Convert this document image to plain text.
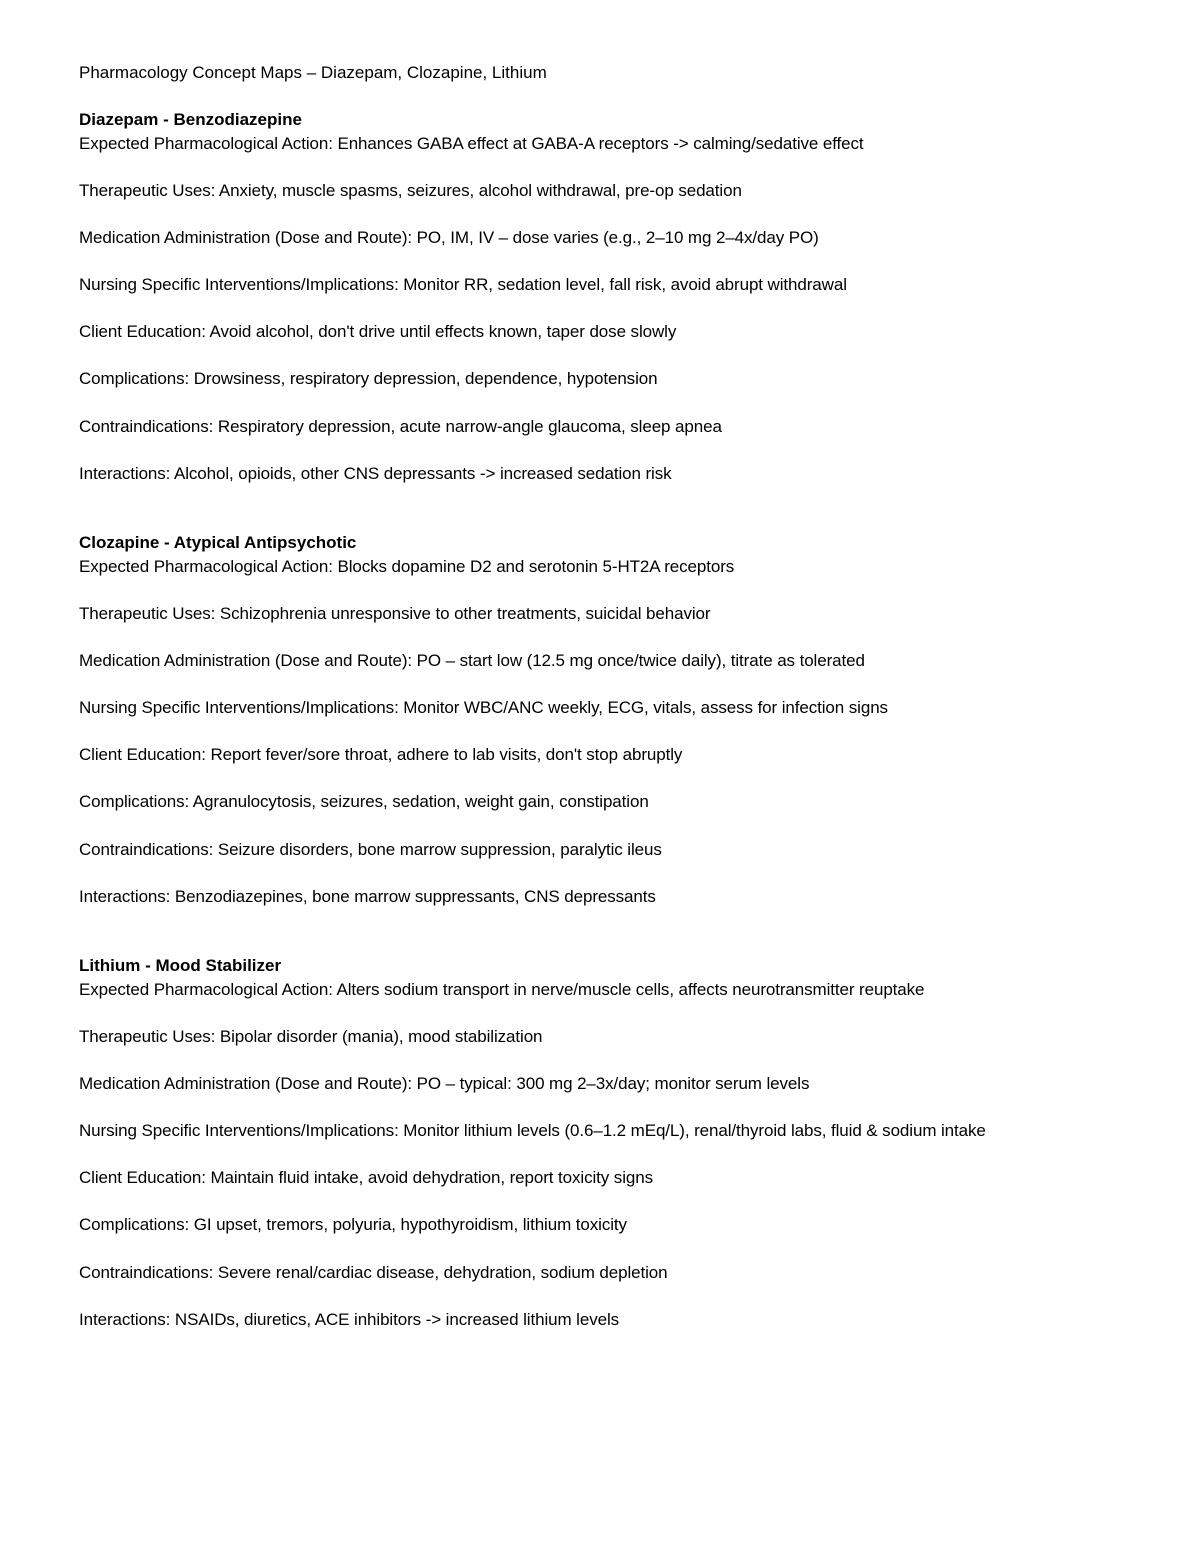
Pharmacology Concept Maps – Diazepam, Clozapine, Lithium
Diazepam - Benzodiazepine
Expected Pharmacological Action: Enhances GABA effect at GABA-A receptors -> calming/sedative effect
Therapeutic Uses: Anxiety, muscle spasms, seizures, alcohol withdrawal, pre-op sedation
Medication Administration (Dose and Route): PO, IM, IV – dose varies (e.g., 2–10 mg 2–4x/day PO)
Nursing Specific Interventions/Implications: Monitor RR, sedation level, fall risk, avoid abrupt withdrawal
Client Education: Avoid alcohol, don't drive until effects known, taper dose slowly
Complications: Drowsiness, respiratory depression, dependence, hypotension
Contraindications: Respiratory depression, acute narrow-angle glaucoma, sleep apnea
Interactions: Alcohol, opioids, other CNS depressants -> increased sedation risk
Clozapine - Atypical Antipsychotic
Expected Pharmacological Action: Blocks dopamine D2 and serotonin 5-HT2A receptors
Therapeutic Uses: Schizophrenia unresponsive to other treatments, suicidal behavior
Medication Administration (Dose and Route): PO – start low (12.5 mg once/twice daily), titrate as tolerated
Nursing Specific Interventions/Implications: Monitor WBC/ANC weekly, ECG, vitals, assess for infection signs
Client Education: Report fever/sore throat, adhere to lab visits, don't stop abruptly
Complications: Agranulocytosis, seizures, sedation, weight gain, constipation
Contraindications: Seizure disorders, bone marrow suppression, paralytic ileus
Interactions: Benzodiazepines, bone marrow suppressants, CNS depressants
Lithium - Mood Stabilizer
Expected Pharmacological Action: Alters sodium transport in nerve/muscle cells, affects neurotransmitter reuptake
Therapeutic Uses: Bipolar disorder (mania), mood stabilization
Medication Administration (Dose and Route): PO – typical: 300 mg 2–3x/day; monitor serum levels
Nursing Specific Interventions/Implications: Monitor lithium levels (0.6–1.2 mEq/L), renal/thyroid labs, fluid & sodium intake
Client Education: Maintain fluid intake, avoid dehydration, report toxicity signs
Complications: GI upset, tremors, polyuria, hypothyroidism, lithium toxicity
Contraindications: Severe renal/cardiac disease, dehydration, sodium depletion
Interactions: NSAIDs, diuretics, ACE inhibitors -> increased lithium levels
